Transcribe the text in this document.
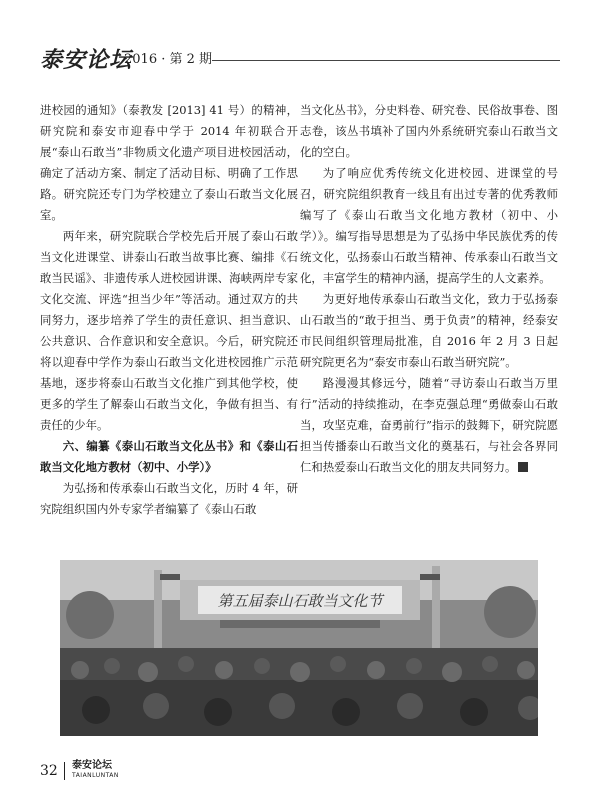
泰安论坛
2016 · 第 2 期

进校园的通知》（泰教发 [2013] 41 号）的精神，研究院和泰安市迎春中学于 2014 年初联合开展“泰山石敢当”非物质文化遗产项目进校园活动，确定了活动方案、制定了活动目标、明确了工作思路。研究院还专门为学校建立了泰山石敢当文化展室。

两年来，研究院联合学校先后开展了泰山石敢当文化进课堂、讲泰山石敢当故事比赛、编排《石敢当民谣》、非遗传承人进校园讲课、海峡两岸专家文化交流、评选“担当少年”等活动。通过双方的共同努力，逐步培养了学生的责任意识、担当意识、公共意识、合作意识和安全意识。今后，研究院还将以迎春中学作为泰山石敢当文化进校园推广示范基地，逐步将泰山石敢当文化推广到其他学校，使更多的学生了解泰山石敢当文化，争做有担当、有责任的少年。

六、编纂《泰山石敢当文化丛书》和《泰山石敢当文化地方教材（初中、小学）》

为弘扬和传承泰山石敢当文化，历时 4 年，研究院组织国内外专家学者编纂了《泰山石敢

当文化丛书》，分史料卷、研究卷、民俗故事卷、图志卷，该丛书填补了国内外系统研究泰山石敢当文化的空白。

为了响应优秀传统文化进校园、进课堂的号召，研究院组织教育一线且有出过专著的优秀教师编写了《泰山石敢当文化地方教材（初中、小学）》。编写指导思想是为了弘扬中华民族优秀的传统文化，弘扬泰山石敢当精神、传承泰山石敢当文化，丰富学生的精神内涵，提高学生的人文素养。

为更好地传承泰山石敢当文化，致力于弘扬泰山石敢当的“敢于担当、勇于负责”的精神，经泰安市民间组织管理局批准，自 2016 年 2 月 3 日起研究院更名为“泰安市泰山石敢当研究院”。

路漫漫其修远兮，随着“寻访泰山石敢当万里行”活动的持续推动，在李克强总理“勇做泰山石敢当，攻坚克难，奋勇前行”指示的鼓舞下，研究院愿担当传播泰山石敢当文化的奠基石，与社会各界同仁和热爱泰山石敢当文化的朋友共同努力。

第五届泰山石敢当文化节
32 泰安论坛
TAIANLUNTAN
